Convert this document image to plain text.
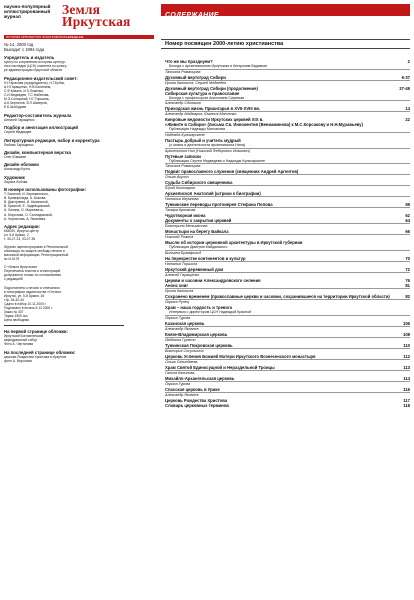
научно-популярный иллюстрированный журнал	Земля
Иркутская
ИСТОРИЯ АРХИТЕКТУРА ЭТНОГРАФИЯ КРАЕВЕДЕНИЕ
№ 14, 2000 год
Выходит с 1994 года
Учредитель и издатель
Центр по сохранению историко-культур-
ного наследия (ЦСН) комитета по культу-
ре администрации Иркутской области
Редакционно-издательский совет:
Н.Н.Красная (председатель), Н.Г.Бубис,
А.Н.Гаращенко, Н.В.Калинина,
С.Ф.Коваль, И.Л.Ложенко,
С.И.Медведев, Т.С.Набатова,
М.Э.Солярский, Н.Г.Торшина,
А.К.Чертилов, В.П.Шахеров,
Е.Б.Шободоев
Редактор-составитель журнала
Алексей Гаращенко
Подбор и аннотация иллюстраций
Сергей Медведев
Литературная редакция, набор и корректура
Любовь Гаращенко
Дизайн, компьютерная верстка
Олег Юмашев
Дизайн обложки
Александр Кулга
Художник
Лариса Лобова
В номере использованы фотографии:
Т. Басиной, И. Бережинского,
В. Бримфильда, А. Быкова,
В. Дмитриева, И. Калининой,
В. Красной, Е. Ладейщиковой,
А. Ляпина, О. Мареевича,
А. Морозова, О. Салладиковой,
А. Чертилова, А. Яковлева.
Адрес редакции:
664000, Иркутск-центр
ул. 5-й Армии, 2
т. 33-27-23, 33-27-35
Журнал зарегистрирован в Региональной
инспекции по защите свободы печати и
массовой информации. Регистрационный
№ И-0175
© «Земля Иркутская»
Перепечатка текстов и иллюстраций
допускается только по согласованию
с редакцией
Подготовлено к печати и отпечатано
в типографии издательства «Оттиск»
Иркутск, ул. 5-й Армии, 26
т.ф. 34-32-34
Сдано в набор 10.11.2000 г.
Подписано в печать 8.12.2000 г.
Заказ № 307
Тираж 1500 экз.
Цена свободная
На первой странице обложки:
Иркутский Богоявленский
кафедральный собор
Фото А. Чертилова
На последней странице обложки:
церковь Рождества Христова в Иркутске
фото А. Морозова
СОДЕРЖАНИЕ
Номер посвящен 2000-летию христианства
Что же мы празднуем?	2
Беседа с архиепископом Иркутским и Ангарским Вадимом
Татьяна Романцова
Духовный вертоград Сибири	6-37
Ирина Калинина, Сергей Медведев
Духовный вертоград Сибири (продолжение)	37-49
Сибирская культура и православие
Беседа с профессором Анатолием Сириным
Александр Сдиняков
Приходская жизнь Приангарья в XVII-XVIII вв.	14
Александр Маджаров, Евгения Манченко
Кинровые ведомости Иркутских церквей XIX в.	22
«Живите в Сибири» (письма Св. Иннокентия (Вениаминова) к М.С.Корсакову и Н.Н.Муравьеву)
Публикация Надежды Матханова
Надежда Куликаускене
Пастырь добрый и учитель мудрый
(о жизни и деятельности архиепископа Нила)
Архиепископ Нил (Николай Федорович Исакович)
Путевые записки
Публикация Сергея Медведева и Надежды Куликаускене
Татьяна Романцова
Подвиг православного служения (священник Андрей Аргентов)
Ольга Акулич
Судьба Сибирского священника
Юрий Коломаров
Архиепископ Анатолий (штрихи к биографии)
Наталья Игумнова
Тункинские переводы протоиерея Стефана Попова	59
Тамара Крючкова
Чудотворная икона	62
Документы о закрытии церквей	64
Екатерина Мельгатова
Монастыри на берегу Байкала	66
Николай Рожков
Мысли об истории церковной архитектуры в Иркутской губернии
Публикация Дмитрия Майданского
Вильгем Брамфильд
На перекрестке континентов и культур	70
Наталья Торшина
Иркутский деревянный дом	72
Алексей Гаращенко
Церкви и часовни Александровского селения	76
Анонс книг	81
Ирина Калинина
Сохранено временем (православные церкви и часовни, сохранившиеся на территории Иркутской области)	82
Лариса Рупец
Храм – наша гордость и тревога
Интервью с директором ЦСН Надеждой Красной
Лариса Гурова
Казанская церковь	106
Александр Яковлев
Князе-Владимирская церковь	108
Людмила Гурвсон
Тункинская Покровская церковь	110
Виктория Сосульчина
Церковь Успения Божией Матери Иркутского Вознесенского монастыря	112
Ольга Селиндаева
Храм Святой Единосущной и Нераздельной Троицы	113
Галина Калинова
Михайло-Архангельская церковь	114
Лариса Гурова
Спасская церковь в Урике	116
Александр Яковлев
Церковь Рождества Христова	117
Словарь церковных терминов	118
